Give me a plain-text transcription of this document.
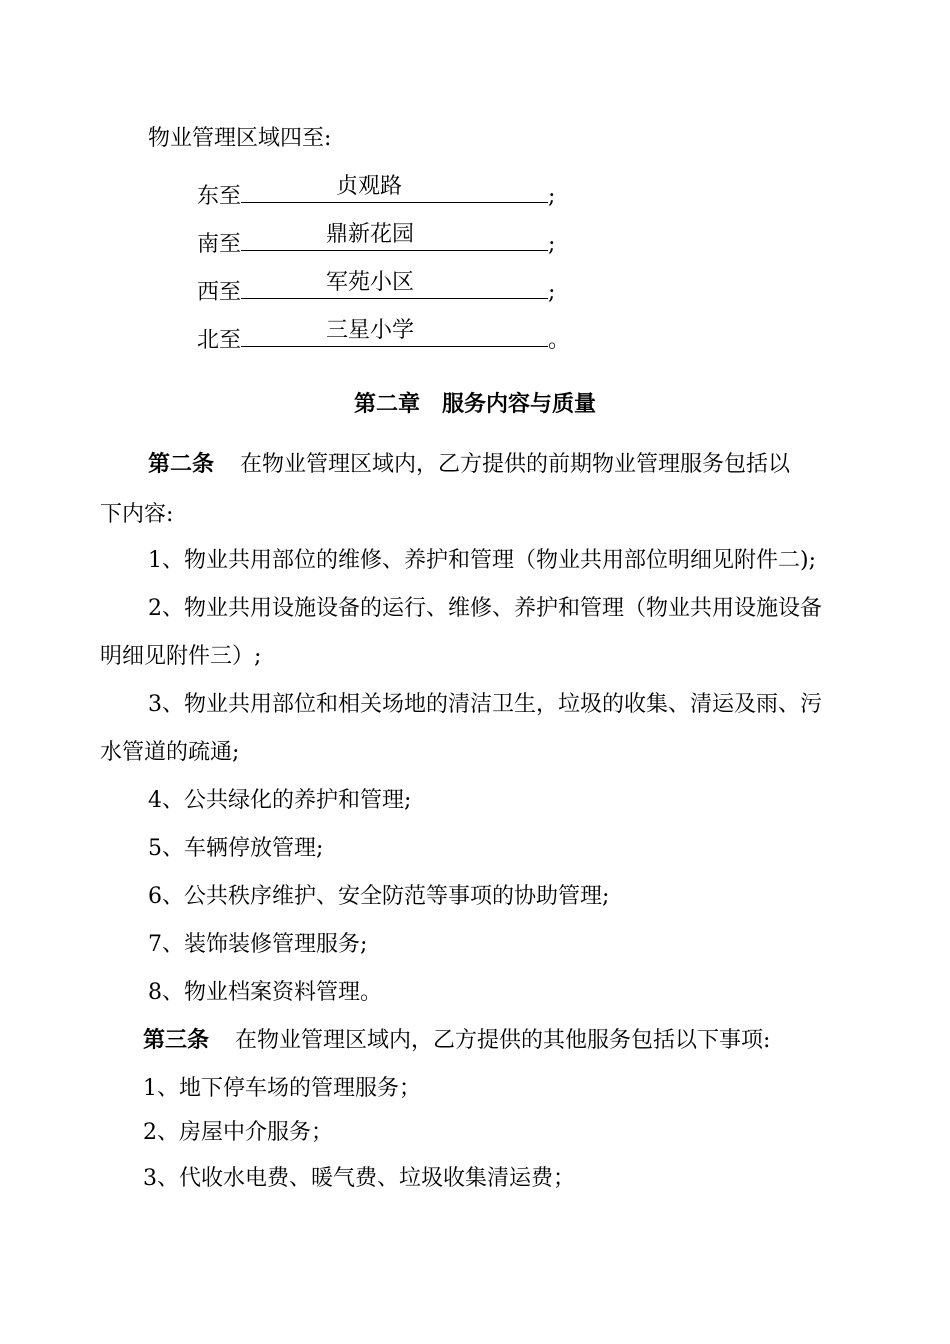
物业管理区域四至:
东至	贞观路	;
南至	鼎新花园	;
西至	军苑小区	;
北至	三星小学	。
第二章　服务内容与质量
第二条 在物业管理区域内，乙方提供的前期物业管理服务包括以
下内容:
1、物业共用部位的维修、养护和管理（物业共用部位明细见附件二);
2、物业共用设施设备的运行、维修、养护和管理（物业共用设施设备
明细见附件三）;
3、物业共用部位和相关场地的清洁卫生，垃圾的收集、清运及雨、污
水管道的疏通;
4、公共绿化的养护和管理;
5、车辆停放管理;
6、公共秩序维护、安全防范等事项的协助管理;
7、装饰装修管理服务;
8、物业档案资料管理。
第三条 在物业管理区域内，乙方提供的其他服务包括以下事项:
1、地下停车场的管理服务；
2、房屋中介服务；
3、代收水电费、暖气费、垃圾收集清运费；
